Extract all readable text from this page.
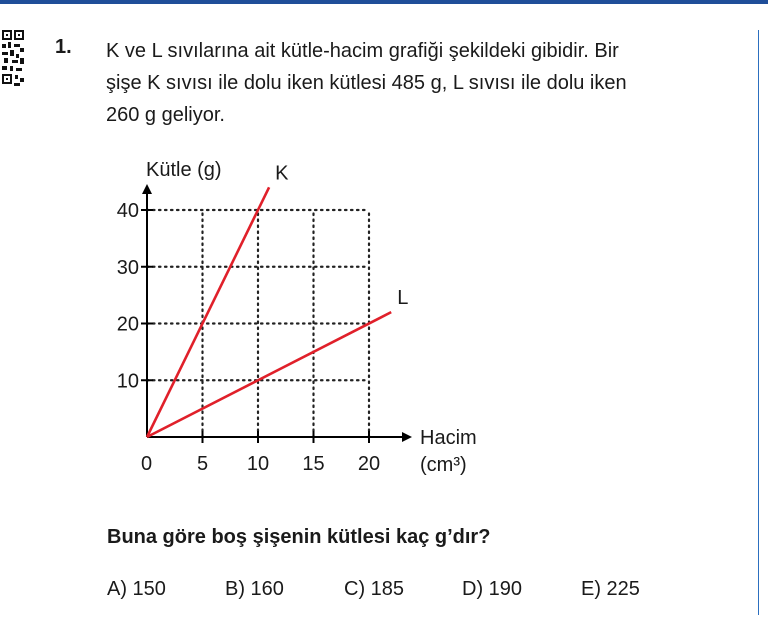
1. K ve L sıvılarına ait kütle-hacim grafiği şekildeki gibidir. Bir
şişe K sıvısı ile dolu iken kütlesi 485 g, L sıvısı ile dolu iken
260 g geliyor.
5 10 15 20
10
20
30
40
K
L
Kütle (g)
Hacim
(cm³)
0
Buna göre boş şişenin kütlesi kaç g’dır?
A) 150	B) 160	C) 185	D) 190	E) 225
